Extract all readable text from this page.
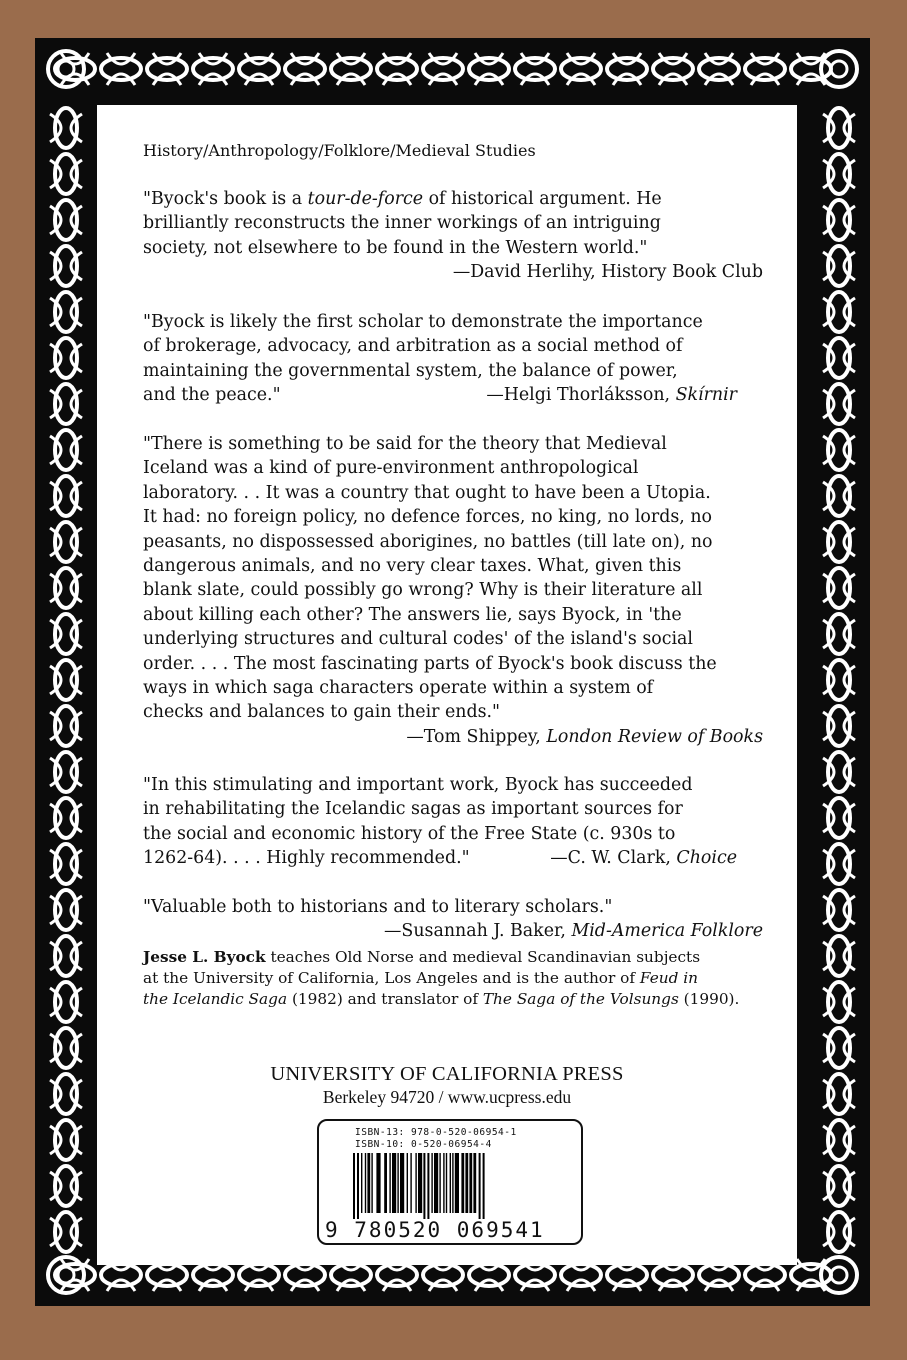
History/Anthropology/Folklore/Medieval Studies
"Byock's book is a tour-de-force of historical argument. He
brilliantly reconstructs the inner workings of an intriguing
society, not elsewhere to be found in the Western world."
—David Herlihy, History Book Club
"Byock is likely the first scholar to demonstrate the importance
of brokerage, advocacy, and arbitration as a social method of
maintaining the governmental system, the balance of power,
and the peace."	—Helgi Thorláksson, Skírnir
"There is something to be said for the theory that Medieval
Iceland was a kind of pure-environment anthropological
laboratory. . . It was a country that ought to have been a Utopia.
It had: no foreign policy, no defence forces, no king, no lords, no
peasants, no dispossessed aborigines, no battles (till late on), no
dangerous animals, and no very clear taxes. What, given this
blank slate, could possibly go wrong? Why is their literature all
about killing each other? The answers lie, says Byock, in 'the
underlying structures and cultural codes' of the island's social
order. . . . The most fascinating parts of Byock's book discuss the
ways in which saga characters operate within a system of
checks and balances to gain their ends."
—Tom Shippey, London Review of Books
"In this stimulating and important work, Byock has succeeded
in rehabilitating the Icelandic sagas as important sources for
the social and economic history of the Free State (c. 930s to
1262-64). . . . Highly recommended."	—C. W. Clark, Choice
"Valuable both to historians and to literary scholars."
—Susannah J. Baker, Mid-America Folklore
Jesse L. Byock teaches Old Norse and medieval Scandinavian subjects
at the University of California, Los Angeles and is the author of Feud in
the Icelandic Saga (1982) and translator of The Saga of the Volsungs (1990).
UNIVERSITY OF CALIFORNIA PRESS
Berkeley 94720 / www.ucpress.edu
ISBN-13: 978-0-520-06954-1
ISBN-10: 0-520-06954-4
9 780520 069541
